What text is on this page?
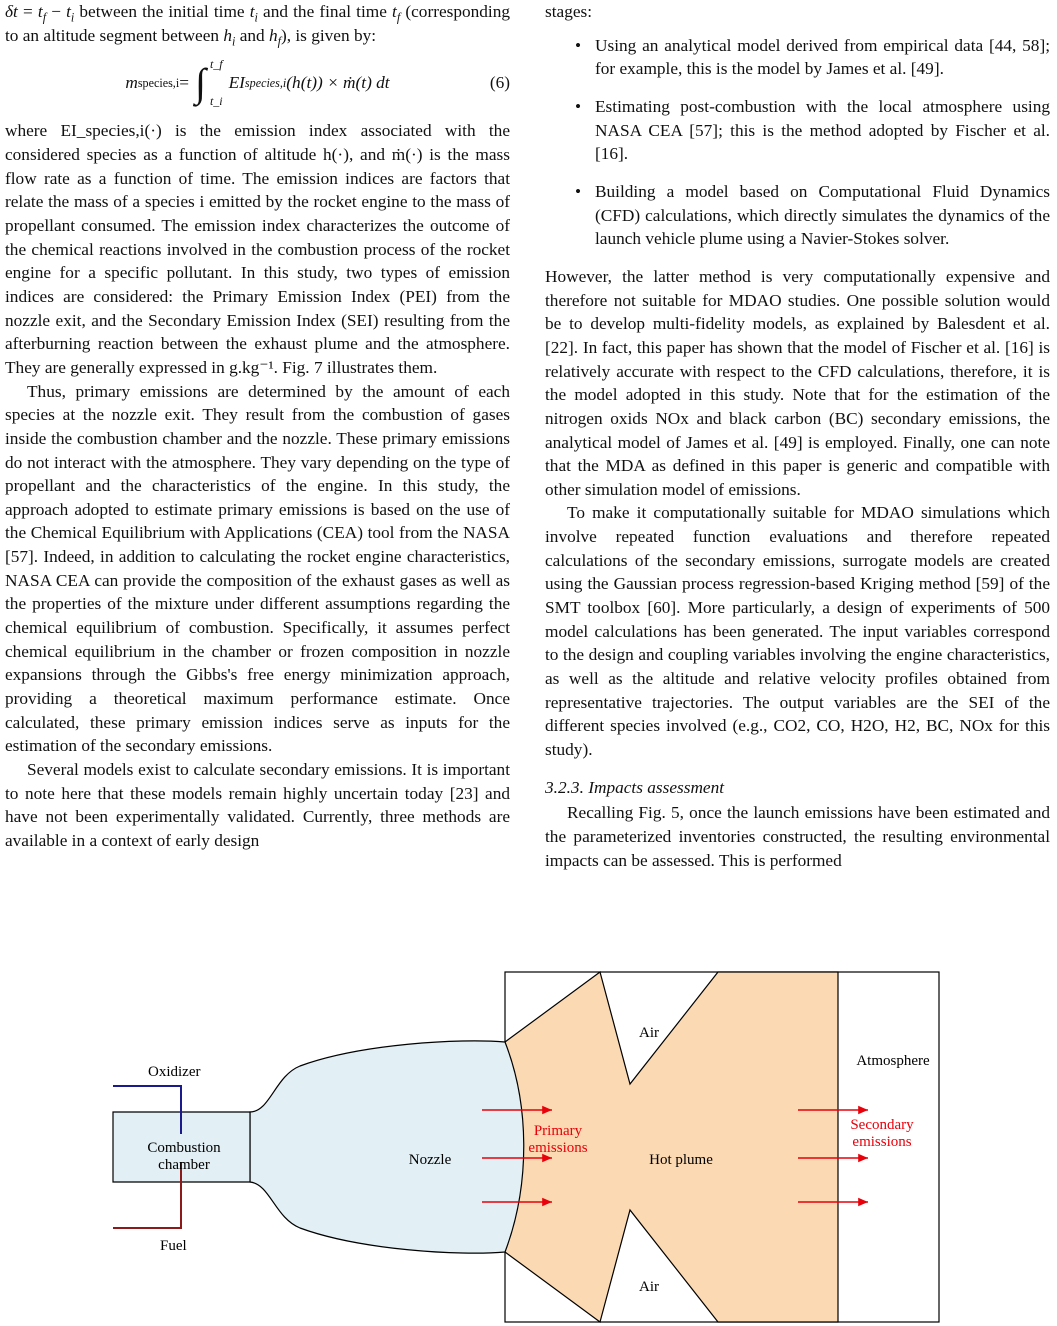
$\delta t = t_f - t_i$ between the initial time $t_i$ and the final time $t_f$ (corresponding to an altitude segment between $h_i$ and $h_f$), is given by:

m species,i = ∫ t_f
t_i
EI species,i (h(t)) × ṁ(t) dt	(6)

where EI_species,i(·) is the emission index associated with the considered species as a function of altitude h(·), and ṁ(·) is the mass flow rate as a function of time. The emission indices are factors that relate the mass of a species i emitted by the rocket engine to the mass of propellant consumed. The emission index characterizes the outcome of the chemical reactions involved in the combustion process of the rocket engine for a specific pollutant. In this study, two types of emission indices are considered: the Primary Emission Index (PEI) from the nozzle exit, and the Secondary Emission Index (SEI) resulting from the afterburning reaction between the exhaust plume and the atmosphere. They are generally expressed in g.kg⁻¹. Fig. 7 illustrates them.

Thus, primary emissions are determined by the amount of each species at the nozzle exit. They result from the combustion of gases inside the combustion chamber and the nozzle. These primary emissions do not interact with the atmosphere. They vary depending on the type of propellant and the characteristics of the engine. In this study, the approach adopted to estimate primary emissions is based on the use of the Chemical Equilibrium with Applications (CEA) tool from the NASA [57]. Indeed, in addition to calculating the rocket engine characteristics, NASA CEA can provide the composition of the exhaust gases as well as the properties of the mixture under different assumptions regarding the chemical equilibrium of combustion. Specifically, it assumes perfect chemical equilibrium in the chamber or frozen composition in nozzle expansions through the Gibbs's free energy minimization approach, providing a theoretical maximum performance estimate. Once calculated, these primary emission indices serve as inputs for the estimation of the secondary emissions.

Several models exist to calculate secondary emissions. It is important to note here that these models remain highly uncertain today [23] and have not been experimentally validated. Currently, three methods are available in a context of early design

stages:

• Using an analytical model derived from empirical data [44, 58]; for example, this is the model by James et al. [49].
• Estimating post-combustion with the local atmosphere using NASA CEA [57]; this is the method adopted by Fischer et al. [16].
• Building a model based on Computational Fluid Dynamics (CFD) calculations, which directly simulates the dynamics of the launch vehicle plume using a Navier-Stokes solver.

However, the latter method is very computationally expensive and therefore not suitable for MDAO studies. One possible solution would be to develop multi-fidelity models, as explained by Balesdent et al. [22]. In fact, this paper has shown that the model of Fischer et al. [16] is relatively accurate with respect to the CFD calculations, therefore, it is the model adopted in this study. Note that for the estimation of the nitrogen oxids NOx and black carbon (BC) secondary emissions, the analytical model of James et al. [49] is employed. Finally, one can note that the MDA as defined in this paper is generic and compatible with other simulation model of emissions.

To make it computationally suitable for MDAO simulations which involve repeated function evaluations and therefore repeated calculations of the secondary emissions, surrogate models are created using the Gaussian process regression-based Kriging method [59] of the SMT toolbox [60]. More particularly, a design of experiments of 500 model calculations has been generated. The input variables correspond to the design and coupling variables involving the engine characteristics, as well as the altitude and relative velocity profiles obtained from representative trajectories. The output variables are the SEI of the different species involved (e.g., CO2, CO, H2O, H2, BC, NOx for this study).

3.2.3. Impacts assessment

Recalling Fig. 5, once the launch emissions have been estimated and the parameterized inventories constructed, the resulting environmental impacts can be assessed. This is performed

Oxidizer
Fuel
Combustion
chamber	Nozzle
Air
Air
Hot plume
Atmosphere
Primary
emissions
Secondary
emissions
